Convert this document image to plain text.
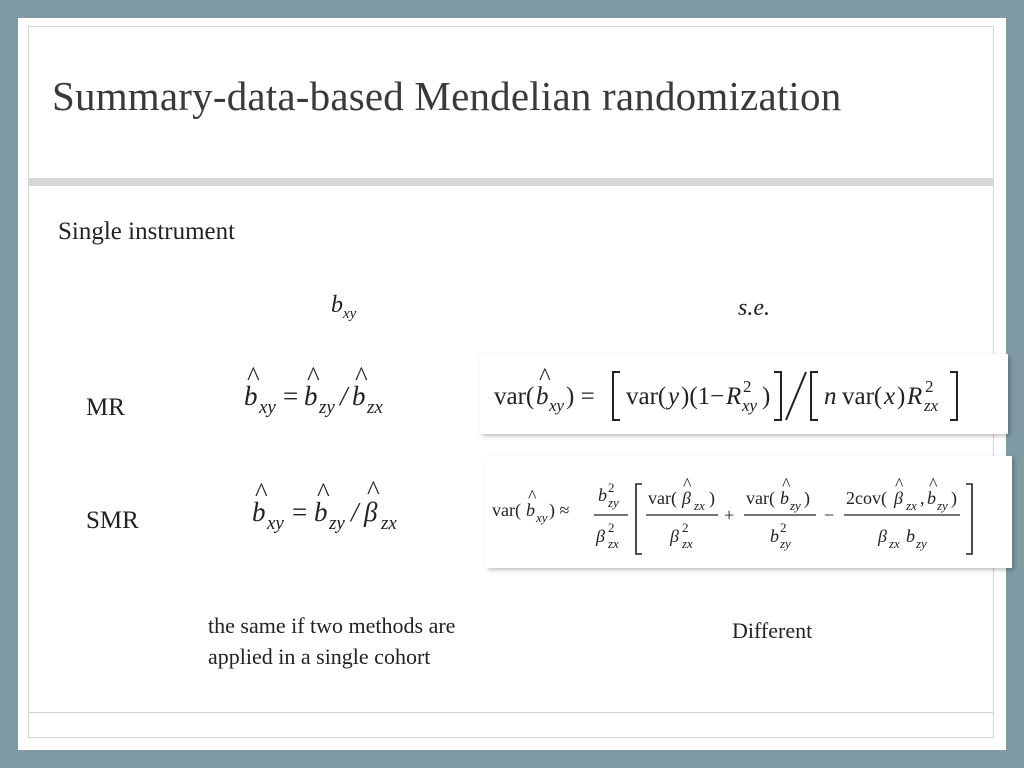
Summary-data-based Mendelian randomization
Single instrument
$b_{xy}$	s.e.
MR
SMR
b
^
xy = b
^
zy / b
^
zx	var( b
^
xy ) = var( y )(1− R 2
xy ) n var( x ) R 2
zx
b
^
xy = b
^
zy / β
^
zx
var( b
^
xy ) ≈
b 2
zy
β 2
zx
var( β
^
zx )
β 2
zx
+
var( b
^
zy )
b 2
zy
−
2cov( β
^
zx , b
^
zy )
β zx b zy
the same if two methods are
applied in a single cohort
Different
